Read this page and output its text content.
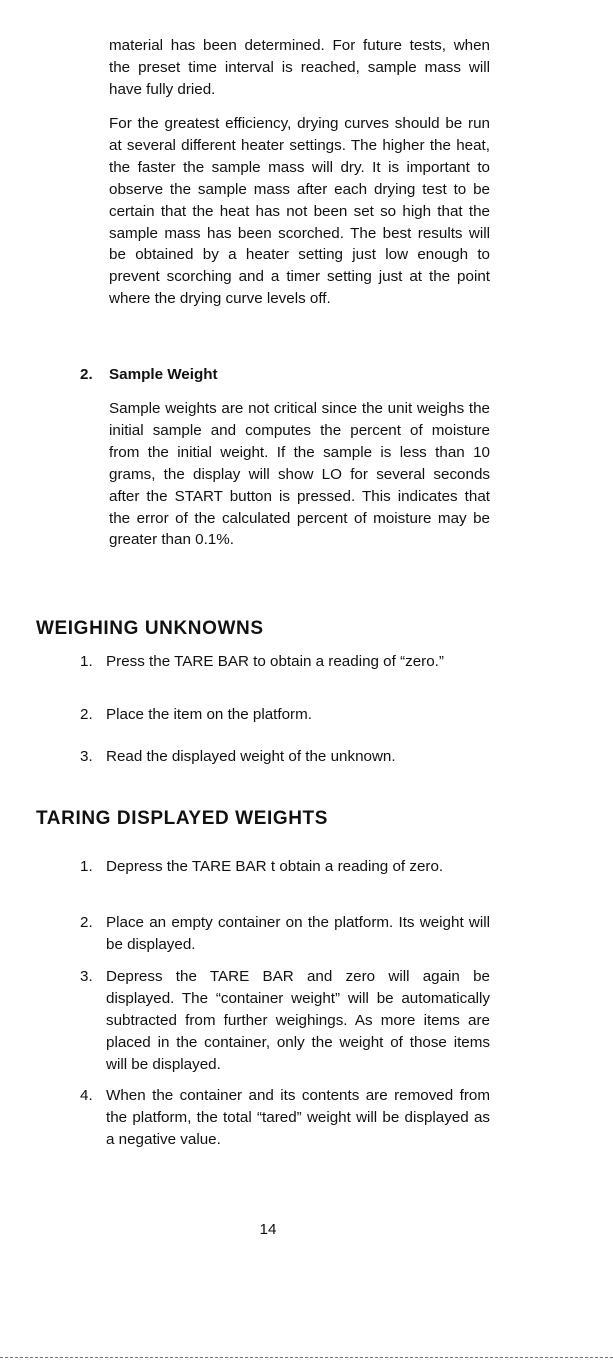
material has been determined. For future tests, when the preset time interval is reached, sample mass will have fully dried.

For the greatest efficiency, drying curves should be run at several different heater settings. The higher the heat, the faster the sample mass will dry. It is important to observe the sample mass after each drying test to be certain that the heat has not been set so high that the sample mass has been scorched. The best results will be obtained by a heater setting just low enough to prevent scorching and a timer setting just at the point where the drying curve levels off.

2. Sample Weight

Sample weights are not critical since the unit weighs the initial sample and computes the percent of moisture from the initial weight. If the sample is less than 10 grams, the display will show LO for several seconds after the START button is pressed. This indicates that the error of the calculated percent of moisture may be greater than 0.1%.

WEIGHING UNKNOWNS
1. Press the TARE BAR to obtain a reading of “zero.”
2. Place the item on the platform.
3. Read the displayed weight of the unknown.
TARING DISPLAYED WEIGHTS
1. Depress the TARE BAR t obtain a reading of zero.
2. Place an empty container on the platform. Its weight will be displayed.
3. Depress the TARE BAR and zero will again be displayed. The “container weight” will be automatically subtracted from further weighings. As more items are placed in the container, only the weight of those items will be displayed.
4. When the container and its contents are removed from the platform, the total “tared” weight will be displayed as a negative value.
14
